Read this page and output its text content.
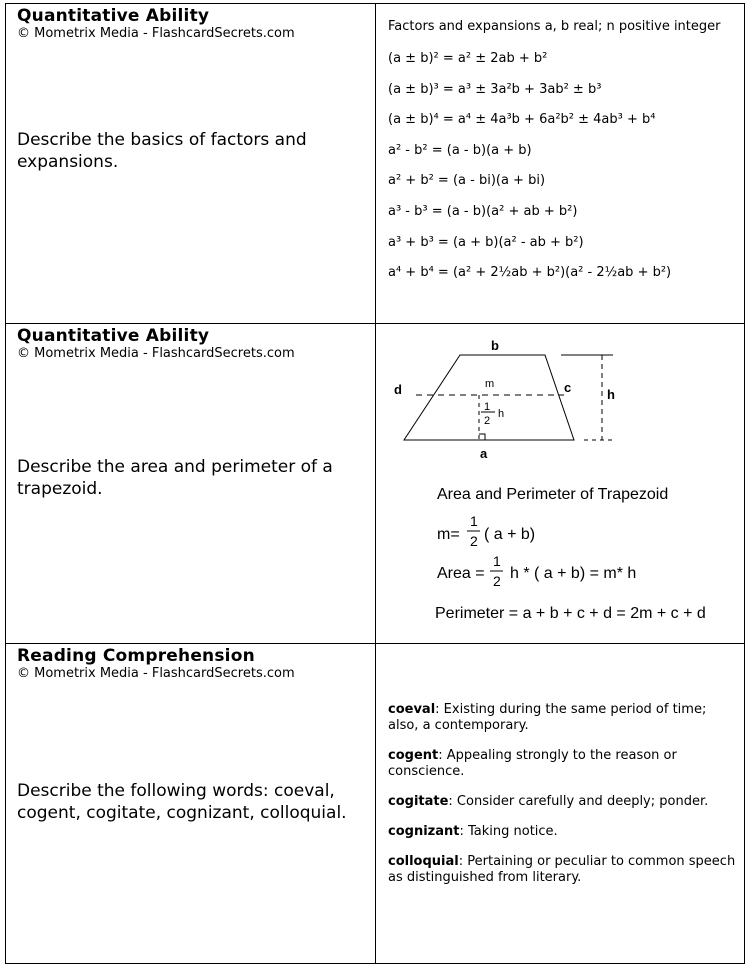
Quantitative Ability
© Mometrix Media - FlashcardSecrets.com
Describe the basics of factors and expansions.
Factors and expansions a, b real; n positive integer
(a ± b)² = a² ± 2ab + b²
(a ± b)³ = a³ ± 3a²b + 3ab² ± b³
(a ± b)⁴ = a⁴ ± 4a³b + 6a²b² ± 4ab³ + b⁴
a² - b² = (a - b)(a + b)
a² + b² = (a - bi)(a + bi)
a³ - b³ = (a - b)(a² + ab + b²)
a³ + b³ = (a + b)(a² - ab + b²)
a⁴ + b⁴ = (a² + 2½ab + b²)(a² - 2½ab + b²)
Quantitative Ability
© Mometrix Media - FlashcardSecrets.com
Describe the area and perimeter of a trapezoid.
b
a
d	c	h
m
1
2
h
Area and Perimeter of Trapezoid
m=
1
2 ( a + b)
Area =
1
2 h * ( a + b) = m* h
Perimeter = a + b + c + d = 2m + c + d
Reading Comprehension
© Mometrix Media - FlashcardSecrets.com
Describe the following words: coeval, cogent, cogitate, cognizant, colloquial.
coeval: Existing during the same period of time; also, a contemporary.
cogent: Appealing strongly to the reason or conscience.
cogitate: Consider carefully and deeply; ponder.
cognizant: Taking notice.
colloquial: Pertaining or peculiar to common speech as distinguished from literary.
